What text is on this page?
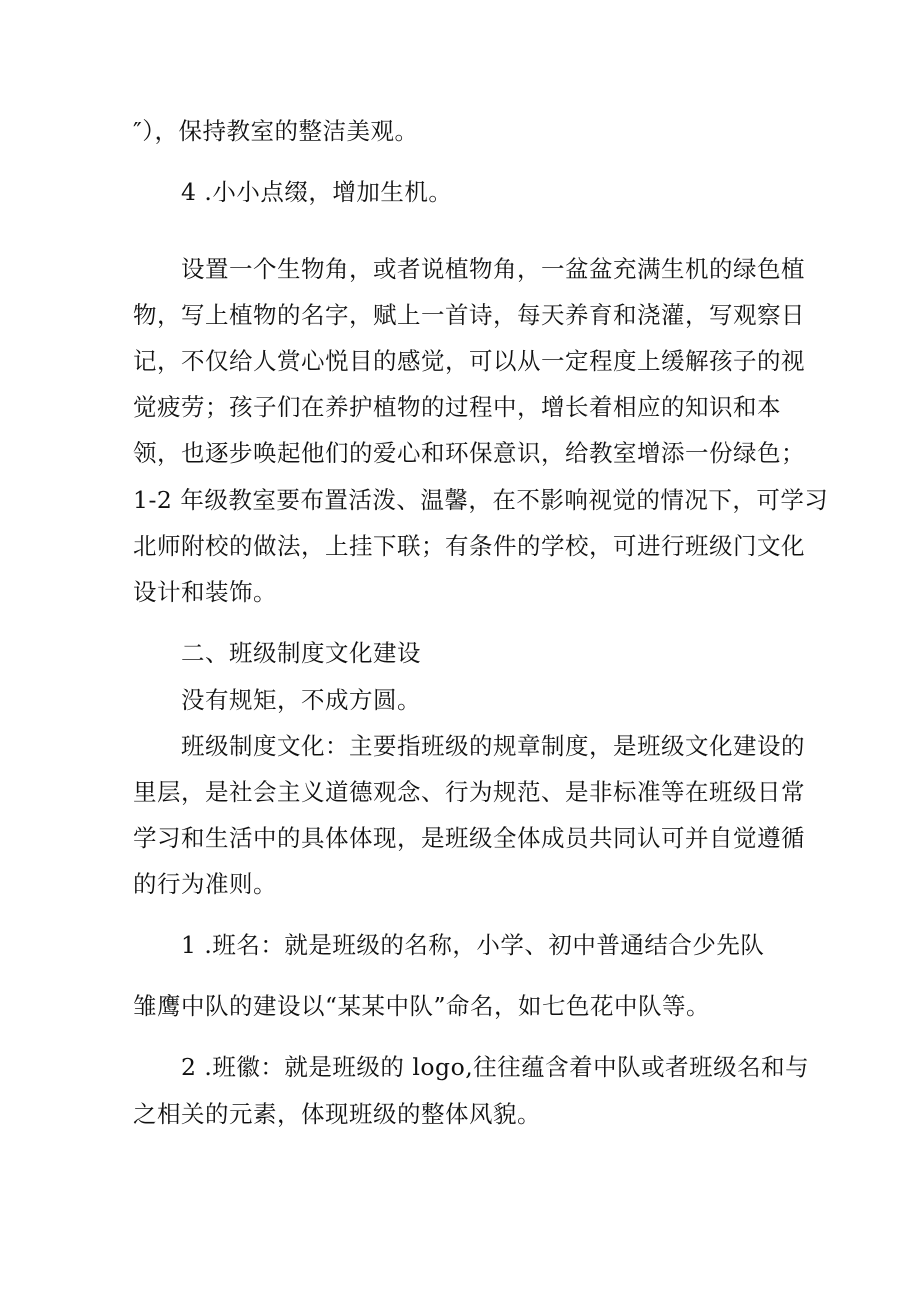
″），保持教室的整洁美观。
4 .小小点缀，增加生机。
设置一个生物角，或者说植物角，一盆盆充满生机的绿色植
物，写上植物的名字，赋上一首诗，每天养育和浇灌，写观察日
记，不仅给人赏心悦目的感觉，可以从一定程度上缓解孩子的视
觉疲劳；孩子们在养护植物的过程中，增长着相应的知识和本
领，也逐步唤起他们的爱心和环保意识，给教室增添一份绿色；
1-2 年级教室要布置活泼、温馨，在不影响视觉的情况下，可学习
北师附校的做法，上挂下联；有条件的学校，可进行班级门文化
设计和装饰。
二、班级制度文化建设
没有规矩，不成方圆。
班级制度文化：主要指班级的规章制度，是班级文化建设的
里层，是社会主义道德观念、行为规范、是非标准等在班级日常
学习和生活中的具体体现，是班级全体成员共同认可并自觉遵循
的行为准则。
1 .班名：就是班级的名称，小学、初中普通结合少先队
雏鹰中队的建设以“某某中队”命名，如七色花中队等。
2 .班徽：就是班级的 logo,往往蕴含着中队或者班级名和与
之相关的元素，体现班级的整体风貌。
